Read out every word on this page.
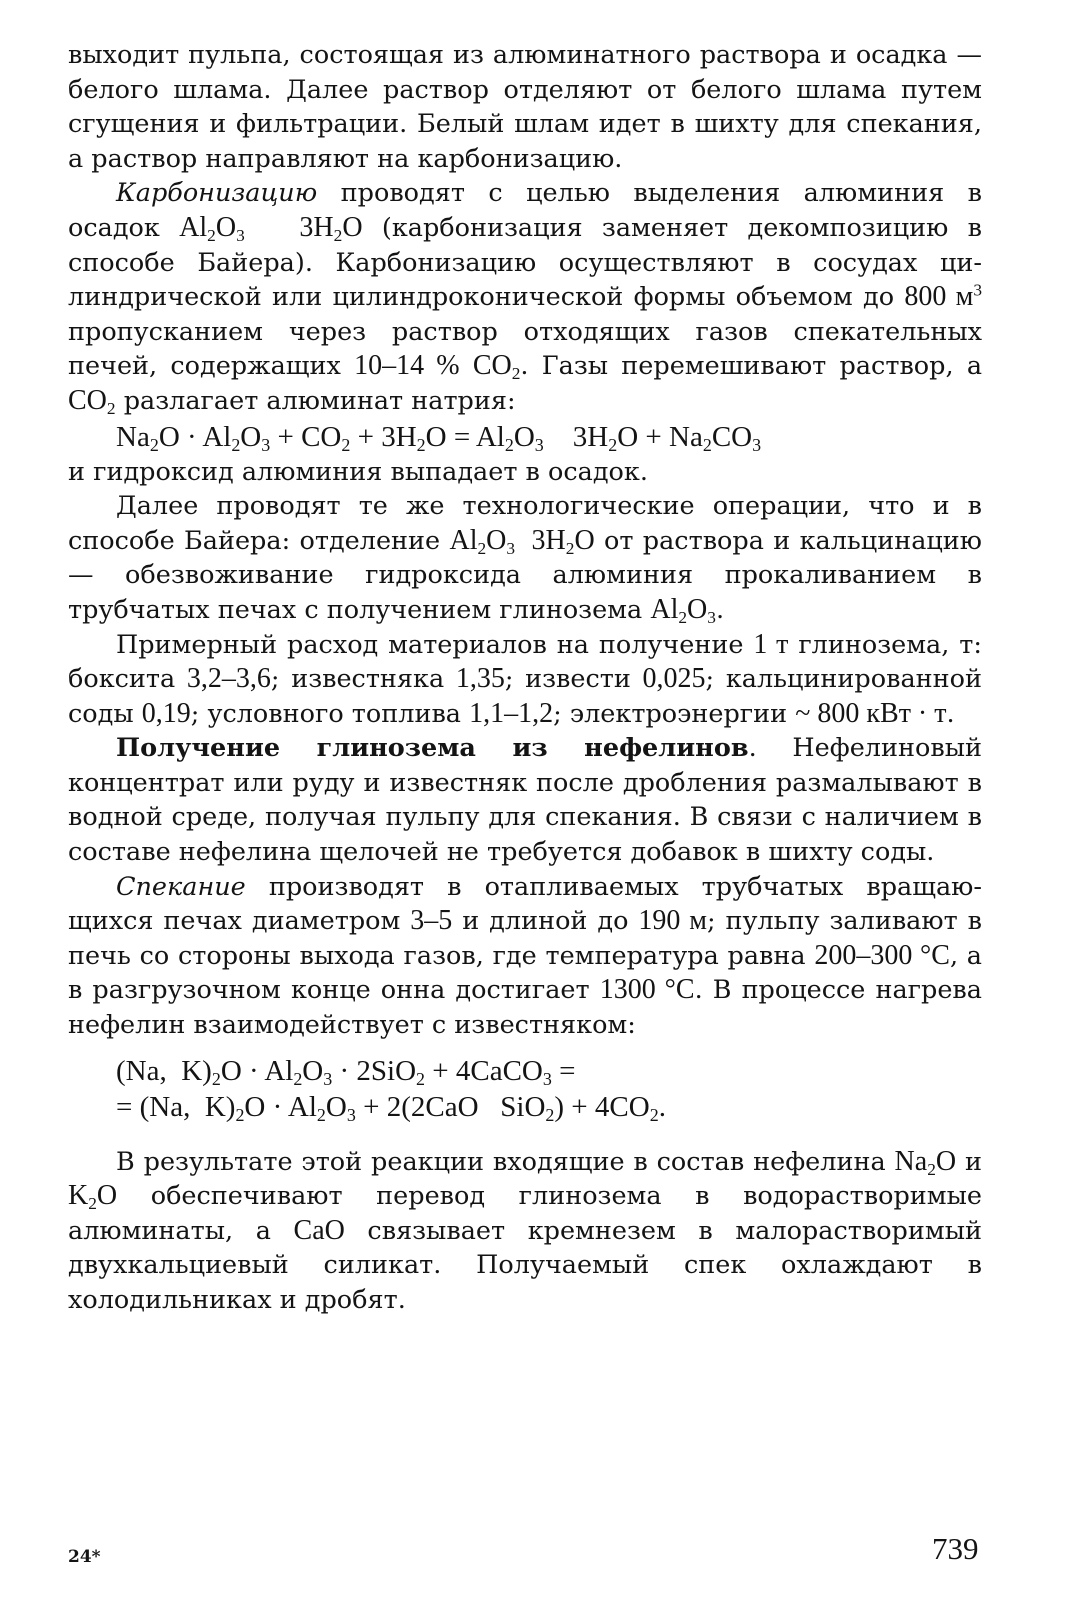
выходит пульпа, состоящая из алюминатного раствора и осадка — белого шлама. Далее раствор отделяют от белого шлама путем сгущения и фильтрации. Белый шлам идет в шихту для спекания, а раствор направляют на карбонизацию.

Карбонизацию проводят с целью выделения алюминия в осадок $Al_2O_3$   $3H_2O$ (карбонизация заменяет декомпозицию в способе Байера). Карбонизацию осуществляют в сосудах цилиндрической или цилиндроконической формы объемом до 800 $м^3$ пропусканием через раствор отходящих газов спекательных печей, содержащих 10–14 % $CO_2$. Газы перемешивают раствор, а $CO_2$ разлагает алюминат натрия:

$Na_2O \cdot Al_2O_3 + CO_2 + 3H_2O = Al_2O_3$    $3H_2O + Na_2CO_3$

и гидроксид алюминия выпадает в осадок.

Далее проводят те же технологические операции, что и в способе Байера: отделение $Al_2O_3$  $3H_2O$ от раствора и кальцинацию — обезвоживание гидроксида алюминия прокаливанием в трубчатых печах с получением глинозема $Al_2O_3$.

Примерный расход материалов на получение 1 т глинозема, т: боксита 3,2–3,6; известняка 1,35; извести 0,025; кальцинированной соды 0,19; условного топлива 1,1–1,2; электроэнергии ~ 800 кВт · т.

Получение глинозема из нефелинов. Нефелиновый концентрат или руду и известняк после дробления размалывают в водной среде, получая пульпу для спекания. В связи с наличием в составе нефелина щелочей не требуется добавок в шихту соды.

Спекание производят в отапливаемых трубчатых вращающихся печах диаметром 3–5 и длиной до 190 м; пульпу заливают в печь со стороны выхода газов, где температура равна 200–300 °С, а в разгрузочном конце онна достигает 1300 °С. В процессе нагрева нефелин взаимодействует с известняком:

(Na,  $K)_2O \cdot Al_2O_3 \cdot 2SiO_2$ + 4CaCO$_3$ =
= (Na,  $K)_2O \cdot Al_2O_3 + 2(2CaO$   $SiO_2) + 4CO_2$.

В результате этой реакции входящие в состав нефелина $Na_2O$ и $K_2O$ обеспечивают перевод глинозема в водорастворимые алюминаты, а CaO связывает кремнезем в малорастворимый двухкальциевый силикат. Получаемый спек охлаждают в холодильниках и дробят.

24*	739
